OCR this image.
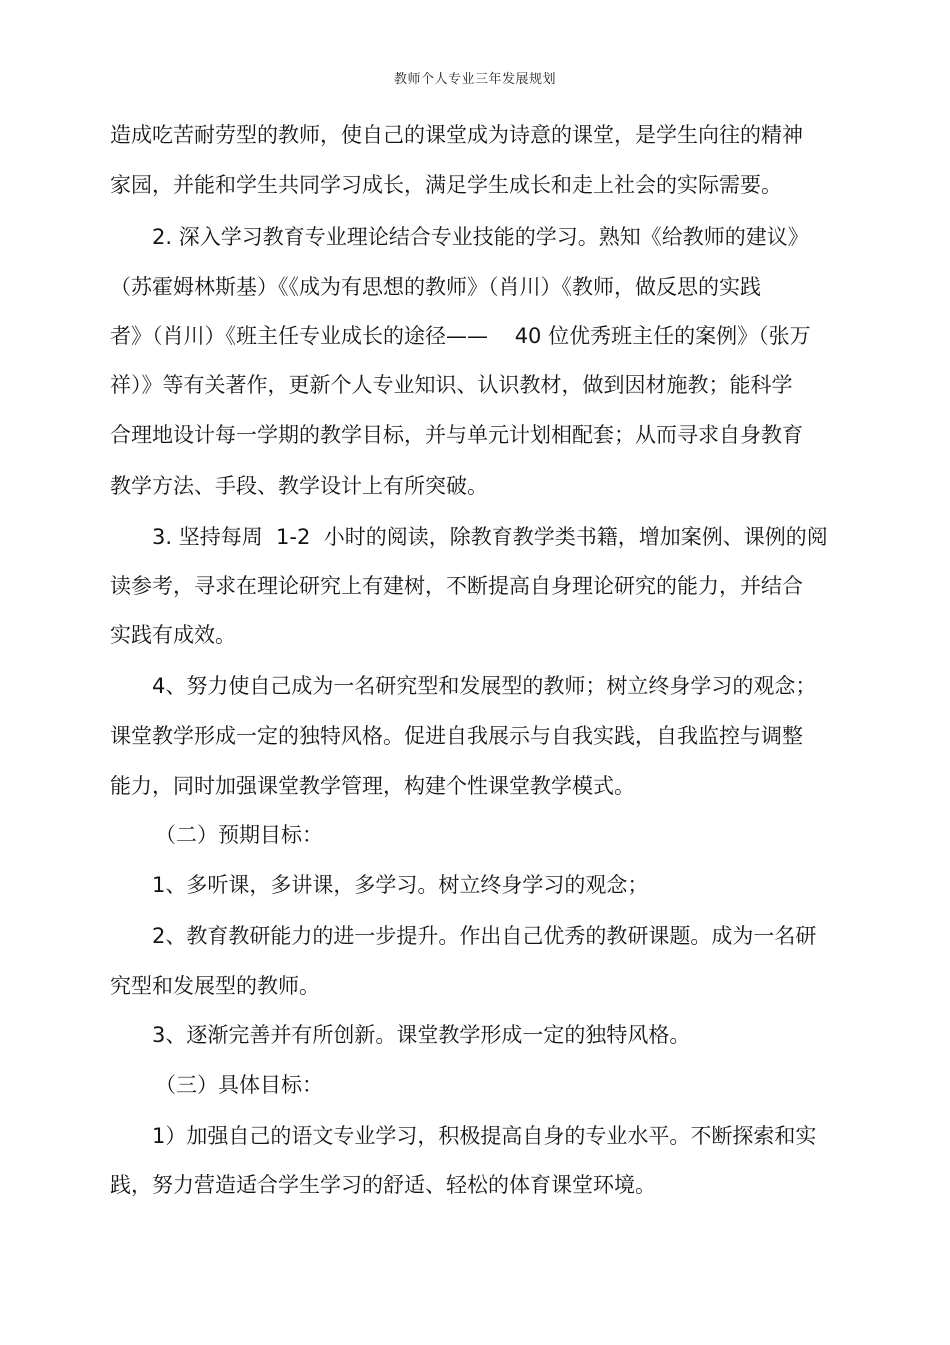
教师个人专业三年发展规划
造成吃苦耐劳型的教师，使自己的课堂成为诗意的课堂，是学生向往的精神
家园，并能和学生共同学习成长，满足学生成长和走上社会的实际需要。
2. 深入学习教育专业理论结合专业技能的学习。熟知《给教师的建议》
（苏霍姆林斯基）《《成为有思想的教师》（肖川）《教师，做反思的实践
者》（肖川）《班主任专业成长的途径——    40 位优秀班主任的案例》（张万
祥）》等有关著作，更新个人专业知识、认识教材，做到因材施教；能科学
合理地设计每一学期的教学目标，并与单元计划相配套；从而寻求自身教育
教学方法、手段、教学设计上有所突破。
3. 坚持每周  1-2  小时的阅读，除教育教学类书籍，增加案例、课例的阅
读参考，寻求在理论研究上有建树，不断提高自身理论研究的能力，并结合
实践有成效。
4、努力使自己成为一名研究型和发展型的教师；树立终身学习的观念；
课堂教学形成一定的独特风格。促进自我展示与自我实践，自我监控与调整
能力，同时加强课堂教学管理，构建个性课堂教学模式。
（二）预期目标：
1、多听课，多讲课，多学习。树立终身学习的观念；
2、教育教研能力的进一步提升。作出自己优秀的教研课题。成为一名研
究型和发展型的教师。
3、逐渐完善并有所创新。课堂教学形成一定的独特风格。
（三）具体目标：
1）加强自己的语文专业学习，积极提高自身的专业水平。不断探索和实
践，努力营造适合学生学习的舒适、轻松的体育课堂环境。
